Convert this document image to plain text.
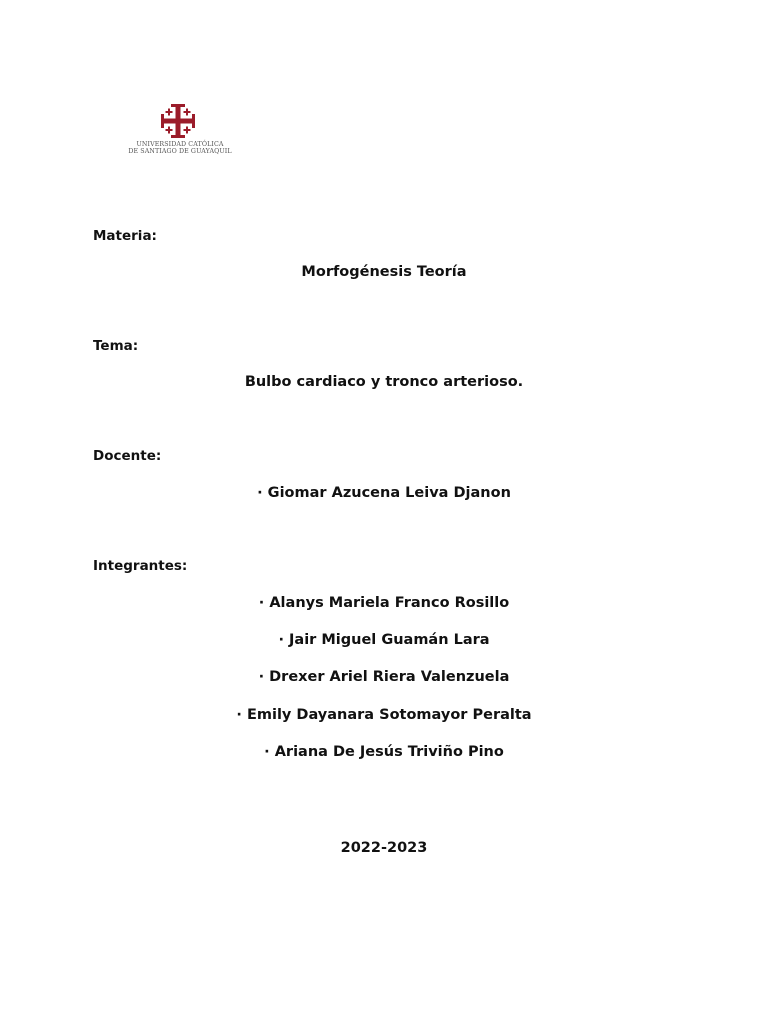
UNIVERSIDAD CATÓLICA
DE SANTIAGO DE GUAYAQUIL
Materia:
Morfogénesis Teoría
Tema:
Bulbo cardiaco y tronco arterioso.
Docente:
· Giomar Azucena Leiva Djanon
Integrantes:
· Alanys Mariela Franco Rosillo
· Jair Miguel Guamán Lara
· Drexer Ariel Riera Valenzuela
· Emily Dayanara Sotomayor Peralta
· Ariana De Jesús Triviño Pino
2022-2023
